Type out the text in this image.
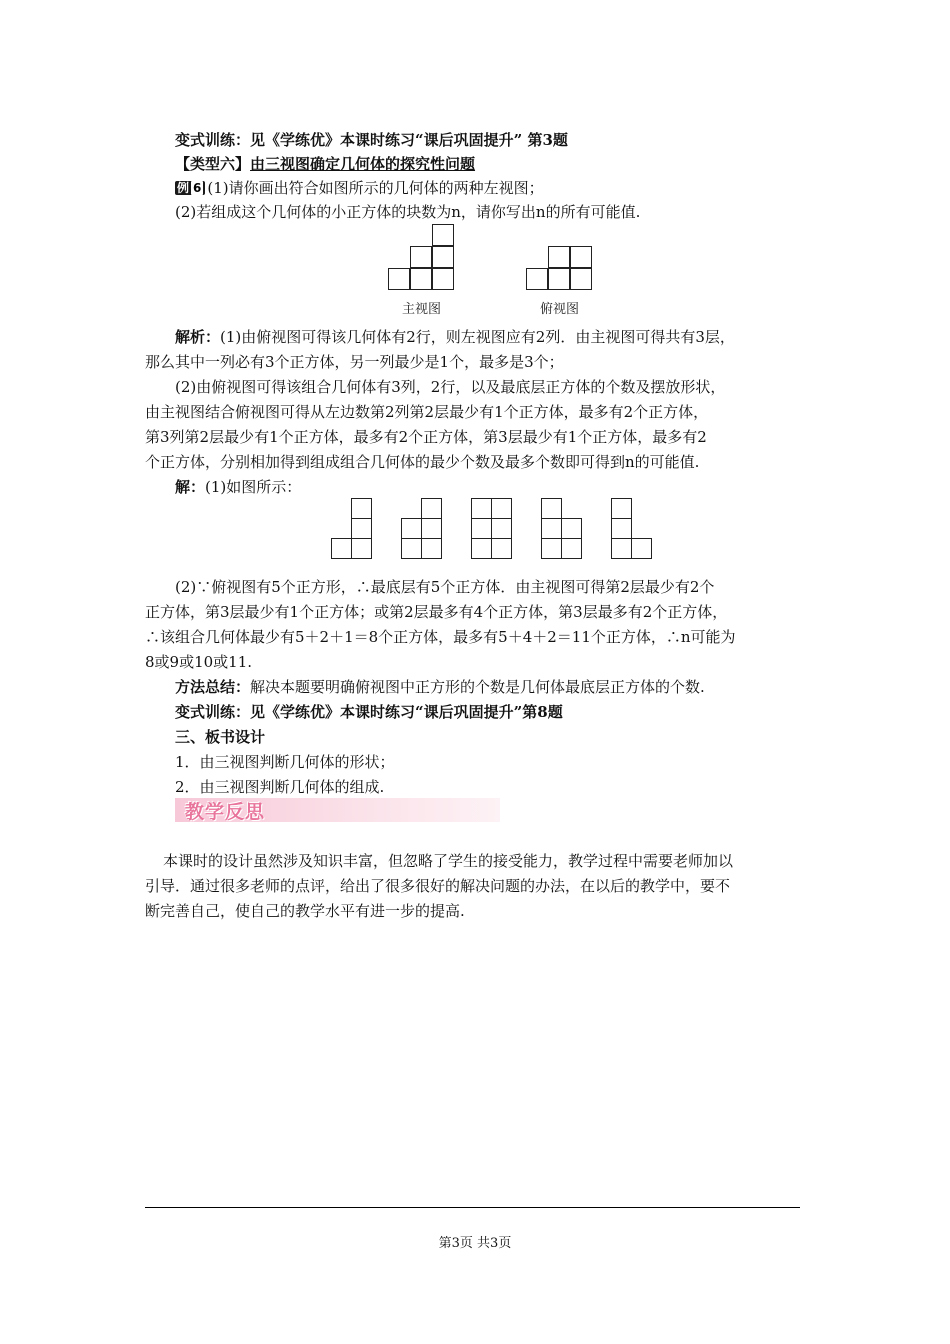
变式训练：见《学练优》本课时练习“课后巩固提升” 第3题
【类型六】由三视图确定几何体的探究性问题
例 6 (1)请你画出符合如图所示的几何体的两种左视图；
(2)若组成这个几何体的小正方体的块数为n，请你写出n的所有可能值.
主视图	俯视图
解析：(1)由俯视图可得该几何体有2行，则左视图应有2列．由主视图可得共有3层，
那么其中一列必有3个正方体，另一列最少是1个，最多是3个；
(2)由俯视图可得该组合几何体有3列，2行，以及最底层正方体的个数及摆放形状，
由主视图结合俯视图可得从左边数第2列第2层最少有1个正方体，最多有2个正方体，
第3列第2层最少有1个正方体，最多有2个正方体，第3层最少有1个正方体，最多有2
个正方体，分别相加得到组成组合几何体的最少个数及最多个数即可得到n的可能值.
解：(1)如图所示：
(2)∵俯视图有5个正方形，∴最底层有5个正方体．由主视图可得第2层最少有2个
正方体，第3层最少有1个正方体；或第2层最多有4个正方体，第3层最多有2个正方体，
∴该组合几何体最少有5＋2＋1＝8个正方体，最多有5＋4＋2＝11个正方体，∴n可能为
8或9或10或11.
方法总结：解决本题要明确俯视图中正方形的个数是几何体最底层正方体的个数.
变式训练：见《学练优》本课时练习“课后巩固提升”第8题
三、板书设计
1．由三视图判断几何体的形状；
2．由三视图判断几何体的组成.
教学反思
本课时的设计虽然涉及知识丰富，但忽略了学生的接受能力，教学过程中需要老师加以
引导．通过很多老师的点评，给出了很多很好的解决问题的办法，在以后的教学中，要不
断完善自己，使自己的教学水平有进一步的提高.
第3页 共3页
